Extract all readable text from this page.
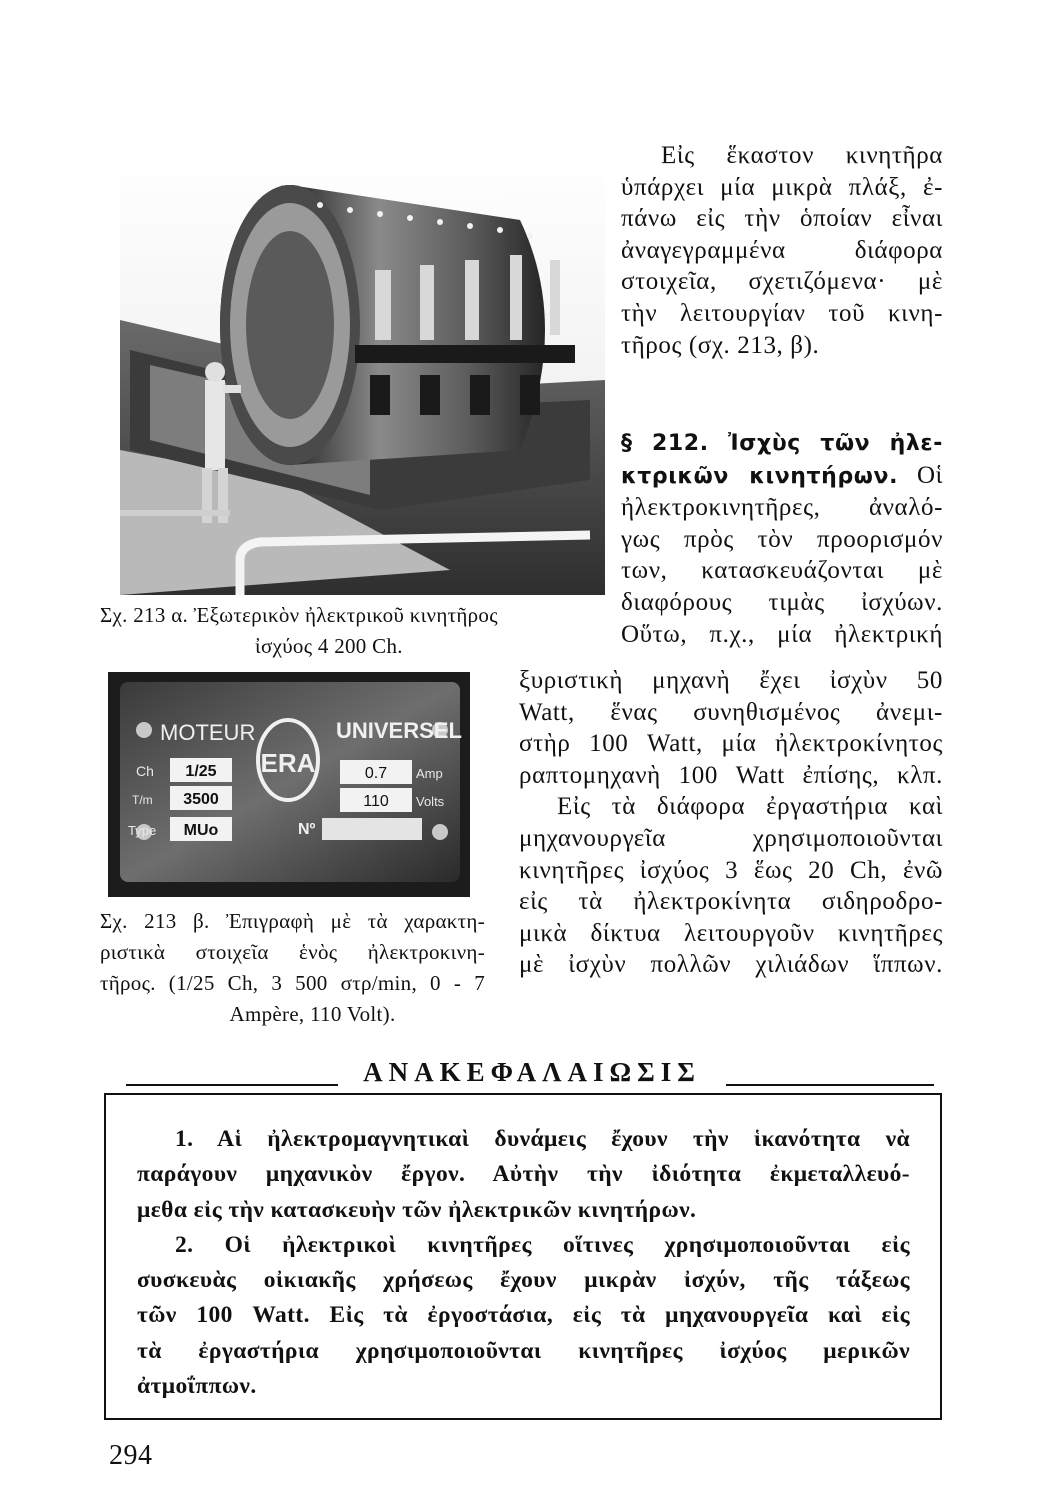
Σχ. 213 α. Ἐξωτερικὸν ἠλεκτρικοῦ κινητῆρος
ἰσχύος 4 200 Ch.
MOTEUR	UNIVERSEL
ERA
Ch 1/25
T/m 3500
Type MUo
0.7 Amp
110 Volts
Nº
Σχ. 213 β. Ἐπιγραφὴ μὲ τὰ χαρακτη-
ριστικὰ στοιχεῖα ἑνὸς ἠλεκτροκινη-
τῆρος. (1/25 Ch, 3 500 στρ/min, 0 - 7
Ampère, 110 Volt).
Εἰς ἕκαστον κινητῆρα
ὑπάρχει μία μικρὰ πλάξ, ἐ-
πάνω εἰς τὴν ὁποίαν εἶναι
ἀναγεγραμμένα διάφορα
στοιχεῖα, σχετιζόμενα· μὲ
τὴν λειτουργίαν τοῦ κινη-
τῆρος (σχ. 213, β).
§ 212. Ἰσχὺς τῶν ἠλε-
κτρικῶν κινητήρων. Οἱ
ἠλεκτροκινητῆρες, ἀναλό-
γως πρὸς τὸν προορισμόν
των, κατασκευάζονται μὲ
διαφόρους τιμὰς ἰσχύων.
Οὕτω, π.χ., μία ἠλεκτρική
ξυριστικὴ μηχανὴ ἔχει ἰσχὺν 50
Watt, ἕνας συνηθισμένος ἀνεμι-
στὴρ 100 Watt, μία ἠλεκτροκίνητος
ραπτομηχανὴ 100 Watt ἐπίσης, κλπ.
Εἰς τὰ διάφορα ἐργαστήρια καὶ
μηχανουργεῖα χρησιμοποιοῦνται
κινητῆρες ἰσχύος 3 ἕως 20 Ch, ἐνῶ
εἰς τὰ ἠλεκτροκίνητα σιδηροδρο-
μικὰ δίκτυα λειτουργοῦν κινητῆρες
μὲ ἰσχὺν πολλῶν χιλιάδων ἵππων.
ΑΝΑΚΕΦΑΛΑΙΩΣΙΣ
1. Αἱ ἠλεκτρομαγνητικαὶ δυνάμεις ἔχουν τὴν ἱκανότητα νὰ
παράγουν μηχανικὸν ἔργον. Αὐτὴν τὴν ἰδιότητα ἐκμεταλλευό-
μεθα εἰς τὴν κατασκευὴν τῶν ἠλεκτρικῶν κινητήρων.
2. Οἱ ἠλεκτρικοὶ κινητῆρες οἵτινες χρησιμοποιοῦνται εἰς
συσκευὰς οἰκιακῆς χρήσεως ἔχουν μικρὰν ἰσχύν, τῆς τάξεως
τῶν 100 Watt. Εἰς τὰ ἐργοστάσια, εἰς τὰ μηχανουργεῖα καὶ εἰς
τὰ ἐργαστήρια χρησιμοποιοῦνται κινητῆρες ἰσχύος μερικῶν
ἀτμοΐππων.
294
